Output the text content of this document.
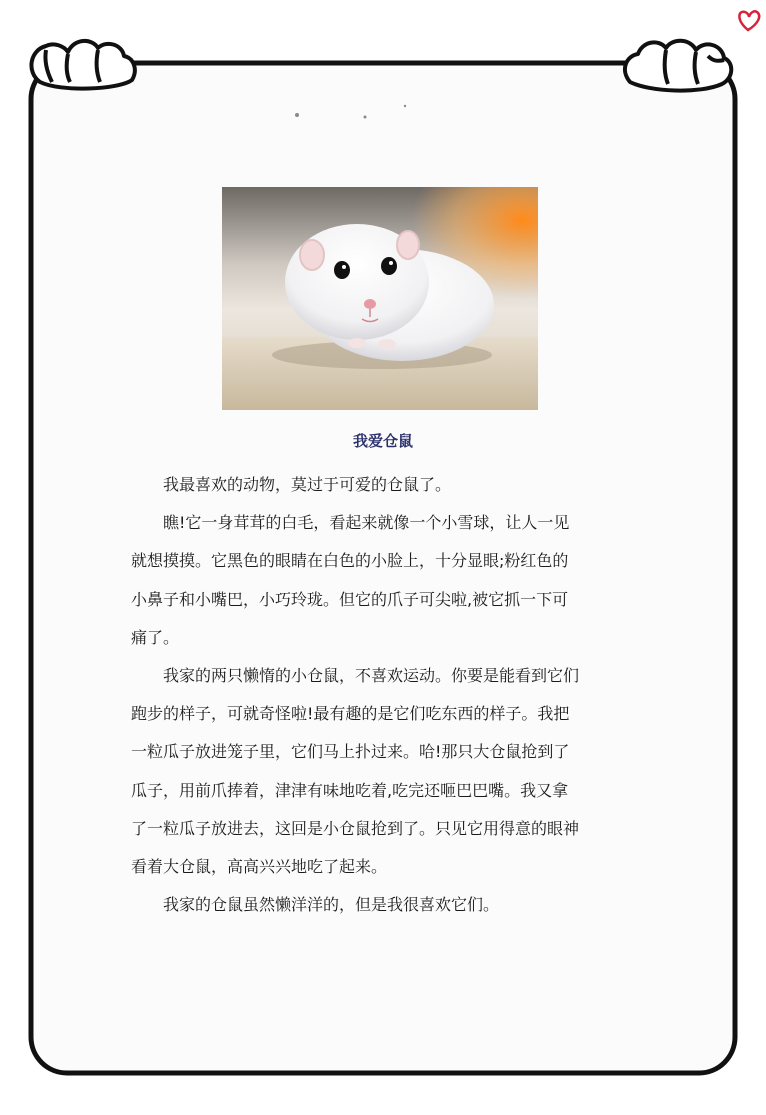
我爱仓鼠

我最喜欢的动物，莫过于可爱的仓鼠了。

瞧!它一身茸茸的白毛，看起来就像一个小雪球，让人一见
就想摸摸。它黑色的眼睛在白色的小脸上，十分显眼;粉红色的
小鼻子和小嘴巴，小巧玲珑。但它的爪子可尖啦,被它抓一下可
痛了。

我家的两只懒惰的小仓鼠，不喜欢运动。你要是能看到它们
跑步的样子，可就奇怪啦!最有趣的是它们吃东西的样子。我把
一粒瓜子放进笼子里，它们马上扑过来。哈!那只大仓鼠抢到了
瓜子，用前爪捧着，津津有味地吃着,吃完还咂巴巴嘴。我又拿
了一粒瓜子放进去，这回是小仓鼠抢到了。只见它用得意的眼神
看着大仓鼠，高高兴兴地吃了起来。

我家的仓鼠虽然懒洋洋的，但是我很喜欢它们。
